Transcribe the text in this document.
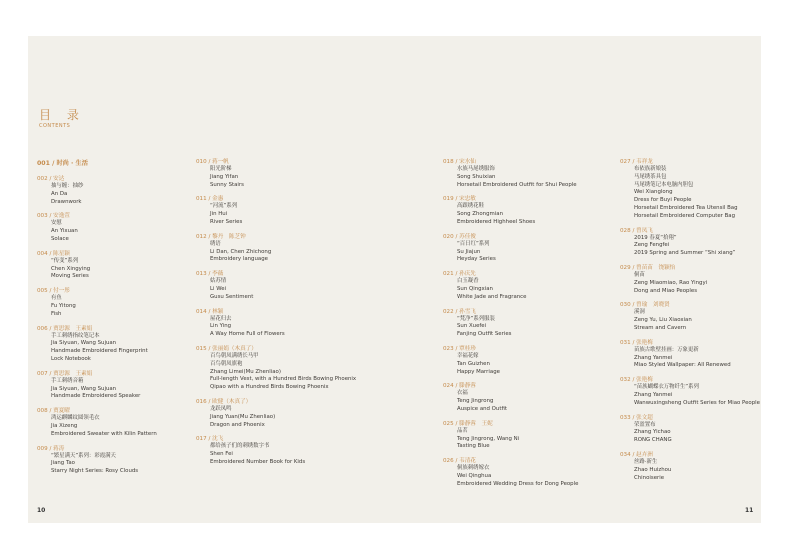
目 录
CONTENTS
001 / 时尚 · 生活
002 / 安达
抽与缠：抽纱
An Da
Drawnwork
003 / 安逸萱
安慰
An Yixuan
Solace
004 / 陈星颖
“传变”系列
Chen Xingying
Moving Series
005 / 付一彤
有鱼
Fu Yitong
Fish
006 / 贾思源　王素娟
手工刺绣指纹笔记本
Jia Siyuan, Wang Sujuan
Handmade Embroidered Fingerprint
Lock Notebook
007 / 贾思源　王素娟
手工刺绣音箱
Jia Siyuan, Wang Sujuan
Handmade Embroidered Speaker
008 / 贾夏曜
鸿运麒麟纹圆领毛衣
Jia Xizeng
Embroidered Sweater with Kilin Pattern
009 / 蒋涛
“繁星满天”系列：彩霞满天
Jiang Tao
Starry Night Series: Rosy Clouds
010 / 蒋一帆
阳光阶梯
Jiang Yifan
Sunny Stairs
011 / 金惠
“河流”系列
Jin Hui
River Series
012 / 黎丹　陈芝钟
绣语
Li Dan, Chen Zhichong
Embroidery language
013 / 李薇
姑苏情
Li Wei
Gusu Sentiment
014 / 林颖
屋花归去
Lin Ying
A Way Home Full of Flowers
015 / 张丽娟（木真了）
百鸟朝凤满绣长马甲
百鸟朝凤旗袍
Zhang Limei(Mu Zhenliao)
Full-length Vest, with a Hundred Birds Bowing Phoenix
Qipao with a Hundred Birds Bowing Phoenix
016 / 欧健（木真了）
龙跃凤鸣
Jiang Yuan(Mu Zhenliao)
Dragon and Phoenix
017 / 沈飞
都给孩子们的刺绣数字书
Shen Fei
Embroidered Number Book for Kids
018 / 宋水仙
水族马尾绣服饰
Song Shuixian
Horsetail Embroidered Outfit for Shui People
019 / 宋忠敏
高跟绣花鞋
Song Zhongmian
Embroidered Highheel Shoes
020 / 苏佳俊
“百日红”系列
Su Jiajun
Heyday Series
021 / 孙庆先
白玉凝香
Sun Qingxian
White Jade and Fragrance
022 / 孙雪飞
“梵净”系列服装
Sun Xuefei
Fanjing Outfit Series
023 / 覃桂珍
幸福花嫁
Tan Guizhen
Happy Marriage
024 / 滕静蓉
衣福
Teng Jingrong
Auspice and Outfit
025 / 滕静蓉　王妮
品茗
Teng Jingrong, Wang Ni
Tasting Blue
026 / 韦清花
侗族刺绣嫁衣
Wei Qinghua
Embroidered Wedding Dress for Dong People
027 / 韦祥龙
布依族新娘装
马尾绣茶具包
马尾绣笔记本电脑内胆包
Wei Xianglong
Dress for Buyi People
Horsetail Embroidered Tea Utensil Bag
Horsetail Embroidered Computer Bag
028 / 曾凤飞
2019 春夏“拾翔”
Zeng Fengfei
2019 Spring and Summer “Shi xiang”
029 / 曾苗苗　饶颖怡
侗苗
Zeng Miaomiao, Rao Yingyi
Dong and Miao Peoples
030 / 曾瑜　刘晓贤
溪洞
Zeng Yu, Liu Xiaoxian
Stream and Cavern
031 / 张艳梅
苗族古歌壁挂画：万象更新
Zhang Yanmei
Miao Styled Wallpaper: All Renewed
032 / 张艳梅
“苗族蝴蝶衣万物纤生”系列
Zhang Yanmei
Wanwuxingsheng Outfit Series for Miao People
033 / 张文超
荣盈置布
Zhang Yichao
RONG CHANG
034 / 赵卉洲
丝路·新生
Zhao Huizhou
Chinoiserie
10	11
